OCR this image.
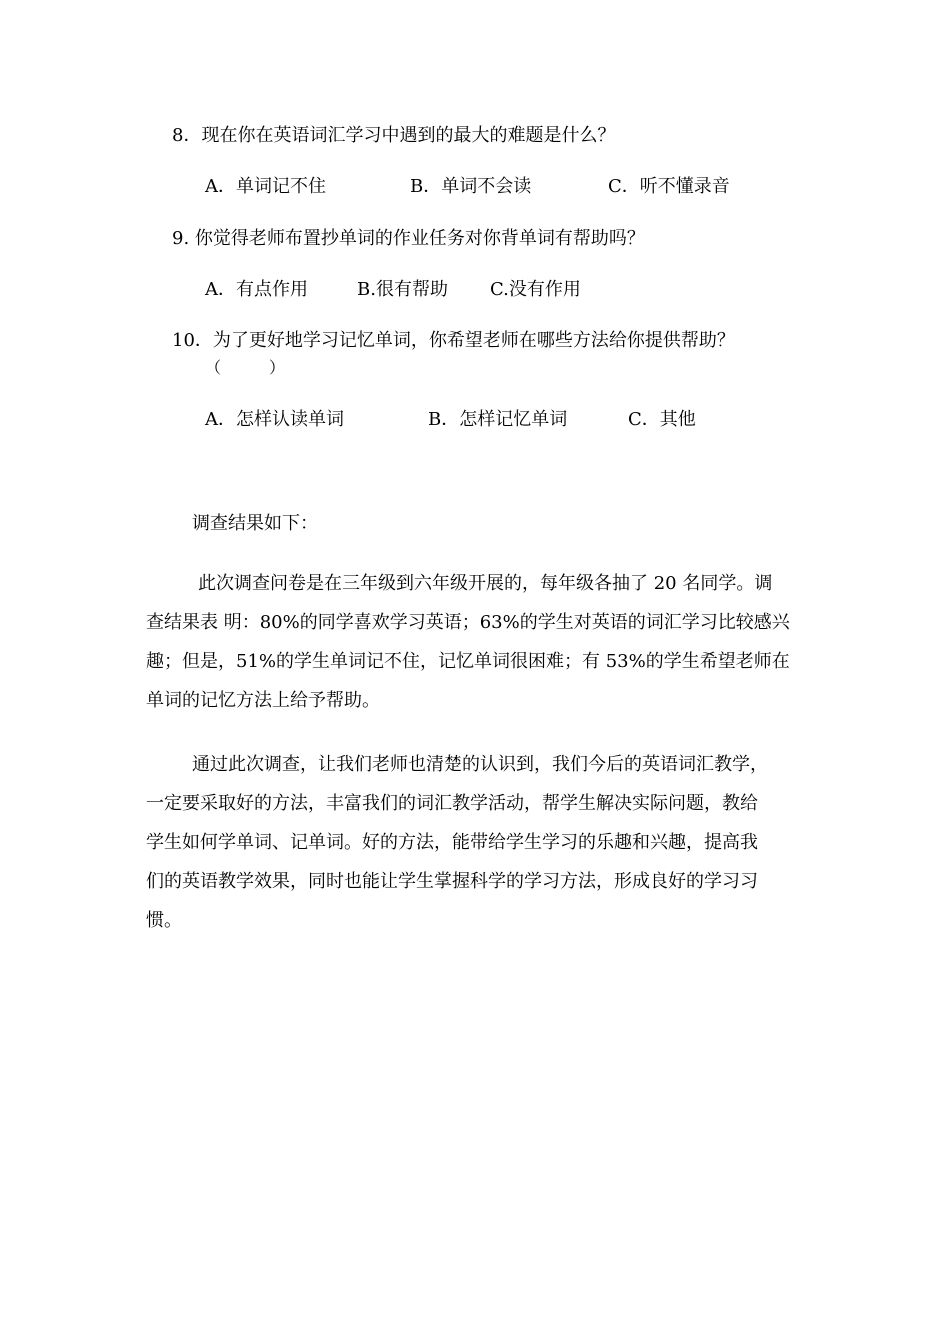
8．现在你在英语词汇学习中遇到的最大的难题是什么？
A．单词记不住	B．单词不会读	C．听不懂录音
9. 你觉得老师布置抄单词的作业任务对你背单词有帮助吗？
A．有点作用	B.很有帮助 C.没有作用
10．为了更好地学习记忆单词，你希望老师在哪些方法给你提供帮助？
（　　　）
A．怎样认读单词	B．怎样记忆单词	C．其他
调查结果如下：
此次调查问卷是在三年级到六年级开展的，每年级各抽了 20 名同学。调
查结果表 明：80%的同学喜欢学习英语；63%的学生对英语的词汇学习比较感兴
趣；但是，51%的学生单词记不住，记忆单词很困难；有 53%的学生希望老师在
单词的记忆方法上给予帮助。
通过此次调查，让我们老师也清楚的认识到，我们今后的英语词汇教学，
一定要采取好的方法，丰富我们的词汇教学活动，帮学生解决实际问题，教给
学生如何学单词、记单词。好的方法，能带给学生学习的乐趣和兴趣，提高我
们的英语教学效果，同时也能让学生掌握科学的学习方法，形成良好的学习习
惯。
